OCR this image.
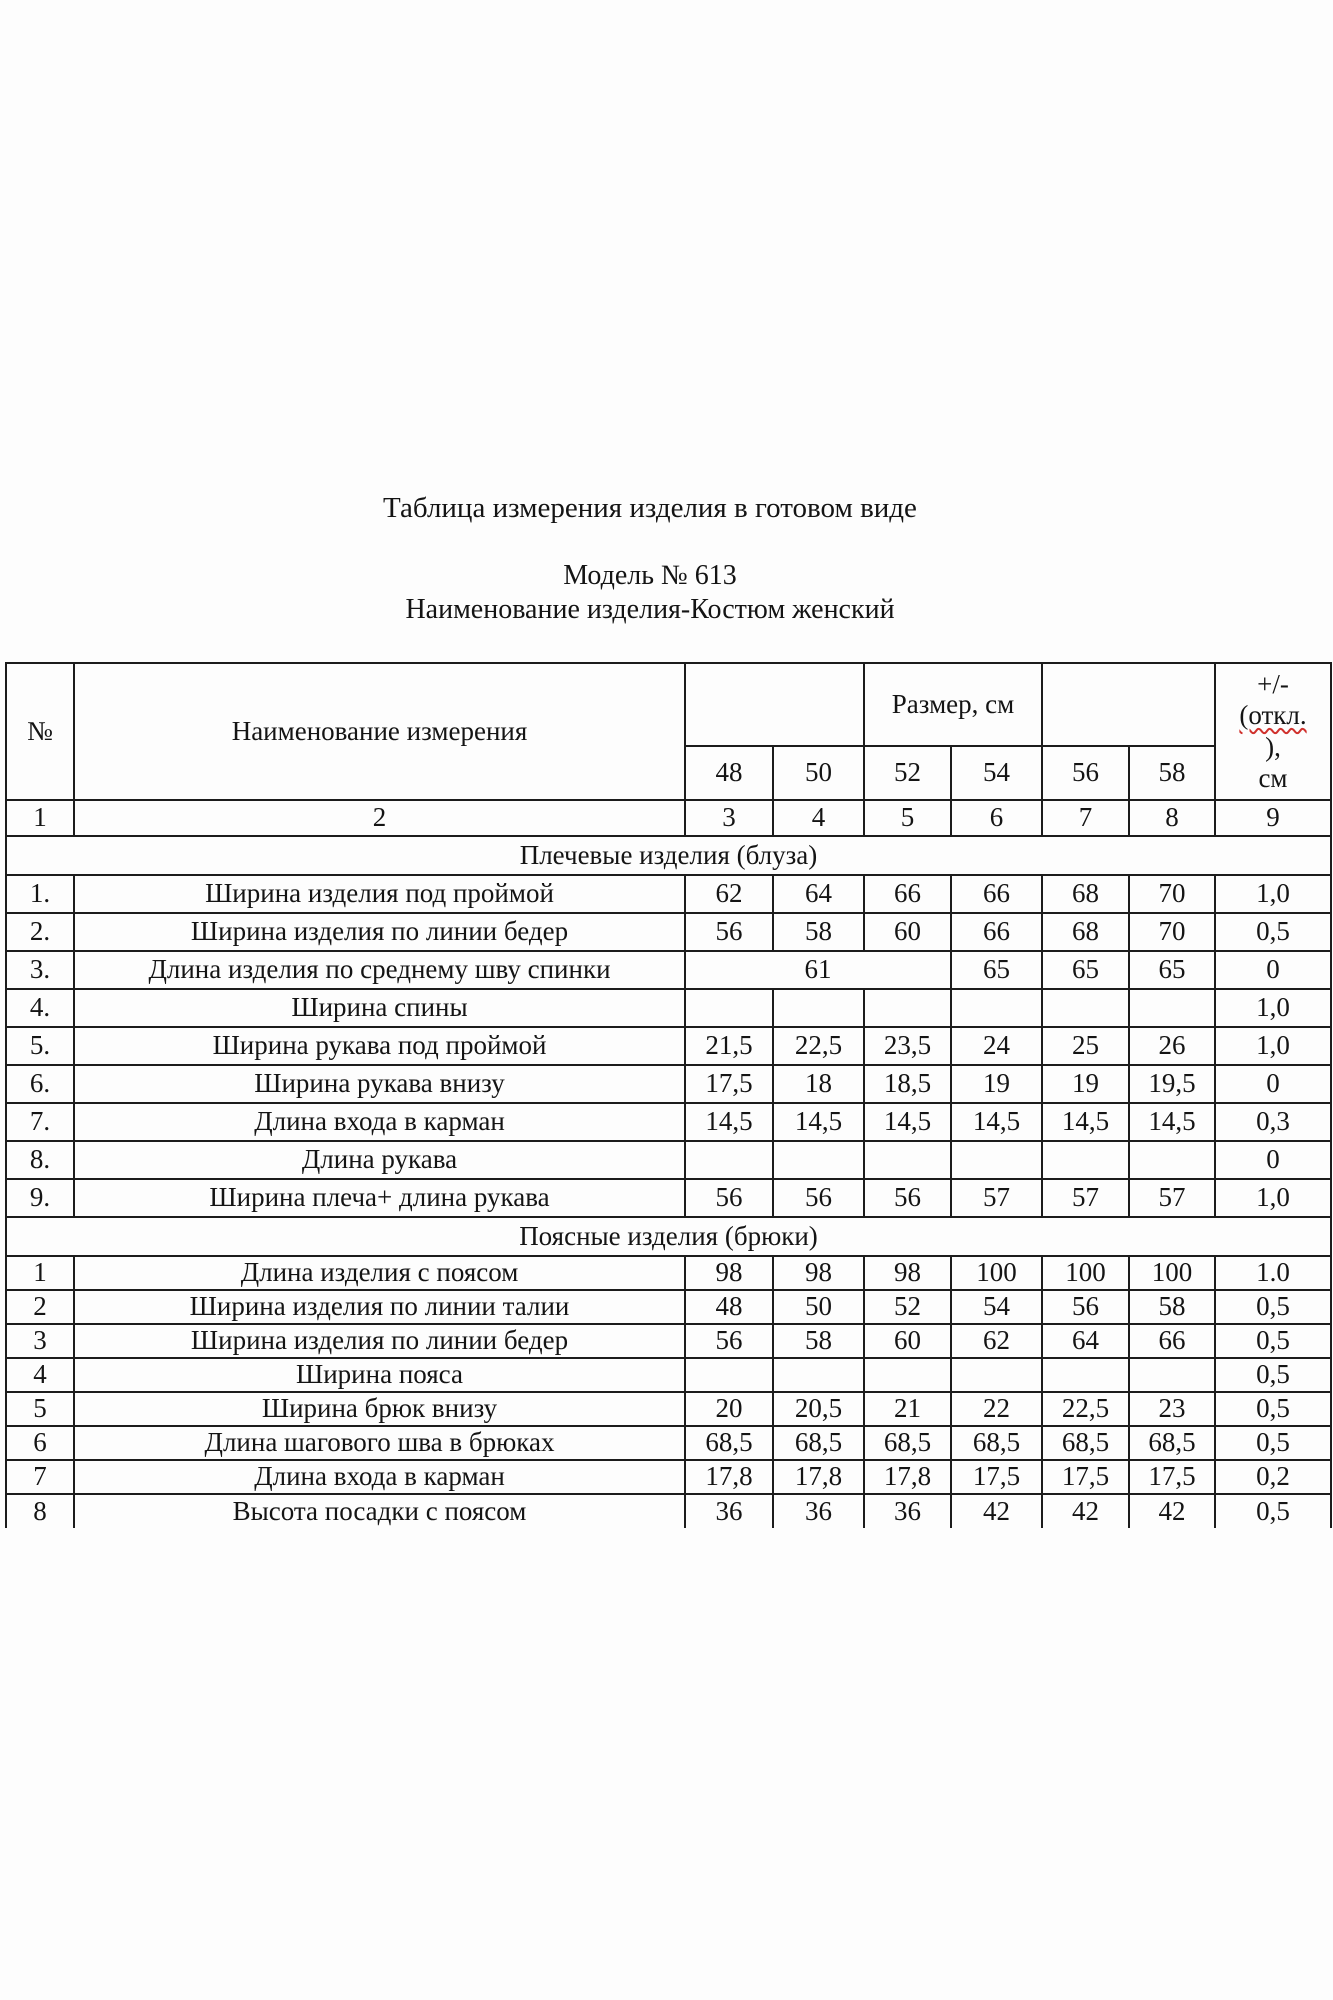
Таблица измерения изделия в готовом виде
Модель № 613
Наименование изделия-Костюм женский
№	Наименование измерения			Размер, см				+/-
(откл.
),
см

		48	50	52	54	56	58	
1	2	3	4	5	6	7	8	9
Плечевые изделия (блуза)								
1.	Ширина изделия под проймой	62	64	66	66	68	70	1,0
2.	Ширина изделия по линии бедер	56	58	60	66	68	70	0,5
3.	Длина изделия по среднему шву спинки	61			65	65	65	0
4.	Ширина спины							1,0
5.	Ширина рукава под проймой	21,5	22,5	23,5	24	25	26	1,0
6.	Ширина рукава внизу	17,5	18	18,5	19	19	19,5	0
7.	Длина входа в карман	14,5	14,5	14,5	14,5	14,5	14,5	0,3
8.	Длина рукава							0
9.	Ширина плеча+ длина рукава	56	56	56	57	57	57	1,0
Поясные изделия (брюки)								
1	Длина изделия с поясом	98	98	98	100	100	100	1.0
2	Ширина изделия по линии талии	48	50	52	54	56	58	0,5
3	Ширина изделия по линии бедер	56	58	60	62	64	66	0,5
4	Ширина пояса							0,5
5	Ширина брюк внизу	20	20,5	21	22	22,5	23	0,5
6	Длина шагового шва в брюках	68,5	68,5	68,5	68,5	68,5	68,5	0,5
7	Длина входа в карман	17,8	17,8	17,8	17,5	17,5	17,5	0,2
8	Высота посадки с поясом	36	36	36	42	42	42	0,5
